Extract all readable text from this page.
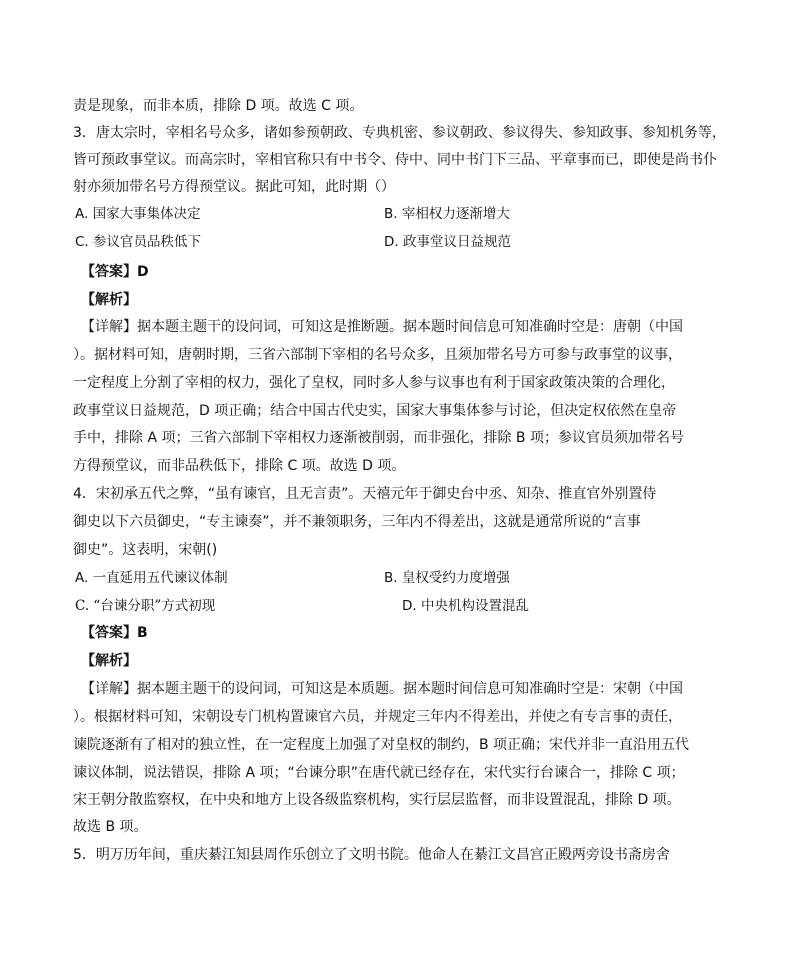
责是现象，而非本质，排除 D 项。故选 C 项。
3．唐太宗时，宰相名号众多，诸如参预朝政、专典机密、参议朝政、参议得失、参知政事、参知机务等，
皆可预政事堂议。而高宗时，宰相官称只有中书令、侍中、同中书门下三品、平章事而已，即使是尚书仆
射亦须加带名号方得预堂议。据此可知，此时期（）
A. 国家大事集体决定	B. 宰相权力逐渐增大
C. 参议官员品秩低下	D. 政事堂议日益规范
【答案】D
【解析】
【详解】据本题主题干的设问词，可知这是推断题。据本题时间信息可知准确时空是：唐朝（中国
）。据材料可知，唐朝时期，三省六部制下宰相的名号众多，且须加带名号方可参与政事堂的议事，
一定程度上分割了宰相的权力，强化了皇权，同时多人参与议事也有利于国家政策决策的合理化，
政事堂议日益规范，D 项正确；结合中国古代史实，国家大事集体参与讨论，但决定权依然在皇帝
手中，排除 A 项；三省六部制下宰相权力逐渐被削弱，而非强化，排除 B 项；参议官员须加带名号
方得预堂议，而非品秩低下，排除 C 项。故选 D 项。
4．宋初承五代之弊，“虽有谏官，且无言责”。天禧元年于御史台中丞、知杂、推直官外别置侍
御史以下六员御史，“专主谏奏”，并不兼领职务，三年内不得差出，这就是通常所说的“言事
御史”。这表明，宋朝()
A. 一直延用五代谏议体制	B. 皇权受约力度增强
C. “台谏分职”方式初现	D. 中央机构设置混乱
【答案】B
【解析】
【详解】据本题主题干的设问词，可知这是本质题。据本题时间信息可知准确时空是：宋朝（中国
）。根据材料可知，宋朝设专门机构置谏官六员，并规定三年内不得差出，并使之有专言事的责任，
谏院逐渐有了相对的独立性，在一定程度上加强了对皇权的制约，B 项正确；宋代并非一直沿用五代
谏议体制，说法错误，排除 A 项；“台谏分职”在唐代就已经存在，宋代实行台谏合一，排除 C 项；
宋王朝分散监察权，在中央和地方上设各级监察机构，实行层层监督，而非设置混乱，排除 D 项。
故选 B 项。
5．明万历年间，重庆綦江知县周作乐创立了文明书院。他命人在綦江文昌宫正殿两旁设书斋房舍
